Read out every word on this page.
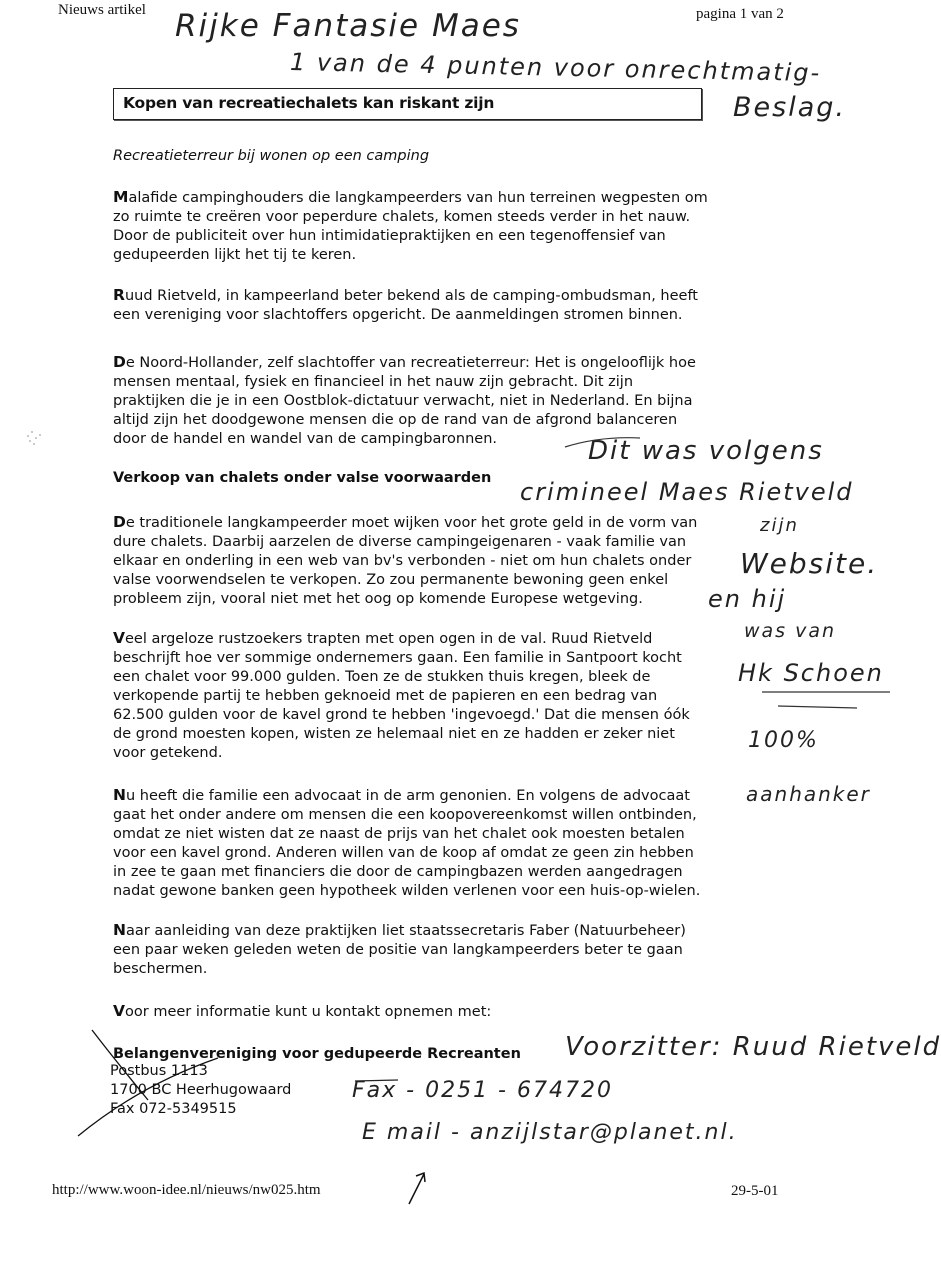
Nieuws artikel	pagina 1 van 2
Rijke Fantasie Maes
1 van de 4 punten voor onrechtmatig-
Beslag.
Kopen van recreatiechalets kan riskant zijn
Recreatieterreur bij wonen op een camping
Malafide campinghouders die langkampeerders van hun terreinen wegpesten om
zo ruimte te creëren voor peperdure chalets, komen steeds verder in het nauw.
Door de publiciteit over hun intimidatiepraktijken en een tegenoffensief van
gedupeerden lijkt het tij te keren.
Ruud Rietveld, in kampeerland beter bekend als de camping-ombudsman, heeft
een vereniging voor slachtoffers opgericht. De aanmeldingen stromen binnen.
De Noord-Hollander, zelf slachtoffer van recreatieterreur: Het is ongelooflijk hoe
mensen mentaal, fysiek en financieel in het nauw zijn gebracht. Dit zijn
praktijken die je in een Oostblok-dictatuur verwacht, niet in Nederland. En bijna
altijd zijn het doodgewone mensen die op de rand van de afgrond balanceren
door de handel en wandel van de campingbaronnen.
Verkoop van chalets onder valse voorwaarden
De traditionele langkampeerder moet wijken voor het grote geld in de vorm van
dure chalets. Daarbij aarzelen de diverse campingeigenaren - vaak familie van
elkaar en onderling in een web van bv's verbonden - niet om hun chalets onder
valse voorwendselen te verkopen. Zo zou permanente bewoning geen enkel
probleem zijn, vooral niet met het oog op komende Europese wetgeving.
Veel argeloze rustzoekers trapten met open ogen in de val. Ruud Rietveld
beschrijft hoe ver sommige ondernemers gaan. Een familie in Santpoort kocht
een chalet voor 99.000 gulden. Toen ze de stukken thuis kregen, bleek de
verkopende partij te hebben geknoeid met de papieren en een bedrag van
62.500 gulden voor de kavel grond te hebben 'ingevoegd.' Dat die mensen óók
de grond moesten kopen, wisten ze helemaal niet en ze hadden er zeker niet
voor getekend.
Nu heeft die familie een advocaat in de arm genonien. En volgens de advocaat
gaat het onder andere om mensen die een koopovereenkomst willen ontbinden,
omdat ze niet wisten dat ze naast de prijs van het chalet ook moesten betalen
voor een kavel grond. Anderen willen van de koop af omdat ze geen zin hebben
in zee te gaan met financiers die door de campingbazen werden aangedragen
nadat gewone banken geen hypotheek wilden verlenen voor een huis-op-wielen.
Naar aanleiding van deze praktijken liet staatssecretaris Faber (Natuurbeheer)
een paar weken geleden weten de positie van langkampeerders beter te gaan
beschermen.
Voor meer informatie kunt u kontakt opnemen met:
Belangenvereniging voor gedupeerde Recreanten
Postbus 1113
1700 BC Heerhugowaard
Fax 072-5349515
Dit was volgens
crimineel Maes Rietveld
zijn
Website.
en hij
was van
Hk Schoen
100%
aanhanker
Voorzitter: Ruud Rietveld
Fax - 0251 - 674720
E mail - anzijlstar@planet.nl.
http://www.woon-idee.nl/nieuws/nw025.htm	29-5-01
